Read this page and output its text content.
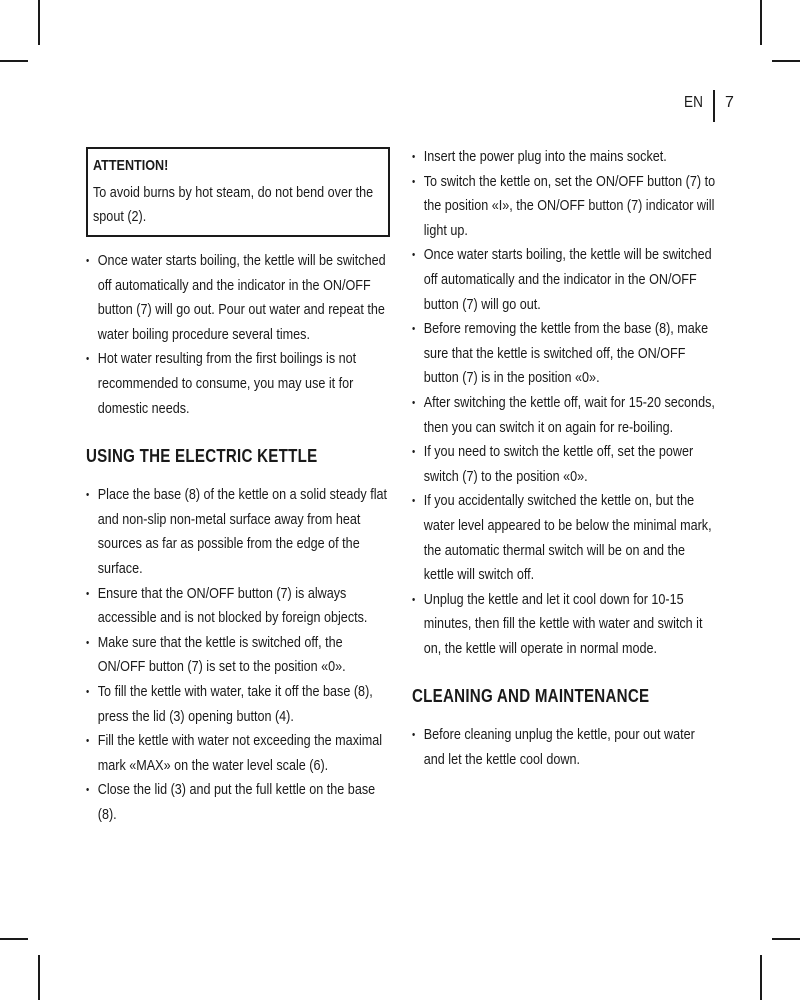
EN 7
ATTENTION!
To avoid burns by hot steam, do not bend over the spout (2).
• Once water starts boiling, the kettle will be switched off automatically and the indicator in the ON/OFF button (7) will go out. Pour out water and repeat the water boiling procedure several times.
• Hot water resulting from the first boilings is not recommended to consume, you may use it for domestic needs.
USING THE ELECTRIC KETTLE
• Place the base (8) of the kettle on a solid steady flat and non-slip non-metal surface away from heat sources as far as possible from the edge of the surface.
• Ensure that the ON/OFF button (7) is always accessible and is not blocked by foreign objects.
• Make sure that the kettle is switched off, the ON/OFF button (7) is set to the position «0».
• To fill the kettle with water, take it off the base (8), press the lid (3) opening button (4).
• Fill the kettle with water not exceeding the maximal mark «MAX» on the water level scale (6).
• Close the lid (3) and put the full kettle on the base (8).
• Insert the power plug into the mains socket.
• To switch the kettle on, set the ON/OFF button (7) to the position «I», the ON/OFF button (7) indicator will light up.
• Once water starts boiling, the kettle will be switched off automatically and the indicator in the ON/OFF button (7) will go out.
• Before removing the kettle from the base (8), make sure that the kettle is switched off, the ON/OFF button (7) is in the position «0».
• After switching the kettle off, wait for 15-20 seconds, then you can switch it on again for re-boiling.
• If you need to switch the kettle off, set the power switch (7) to the position «0».
• If you accidentally switched the kettle on, but the water level appeared to be below the minimal mark, the automatic thermal switch will be on and the kettle will switch off.
• Unplug the kettle and let it cool down for 10-15 minutes, then fill the kettle with water and switch it on, the kettle will operate in normal mode.
CLEANING AND MAINTENANCE
• Before cleaning unplug the kettle, pour out water and let the kettle cool down.
